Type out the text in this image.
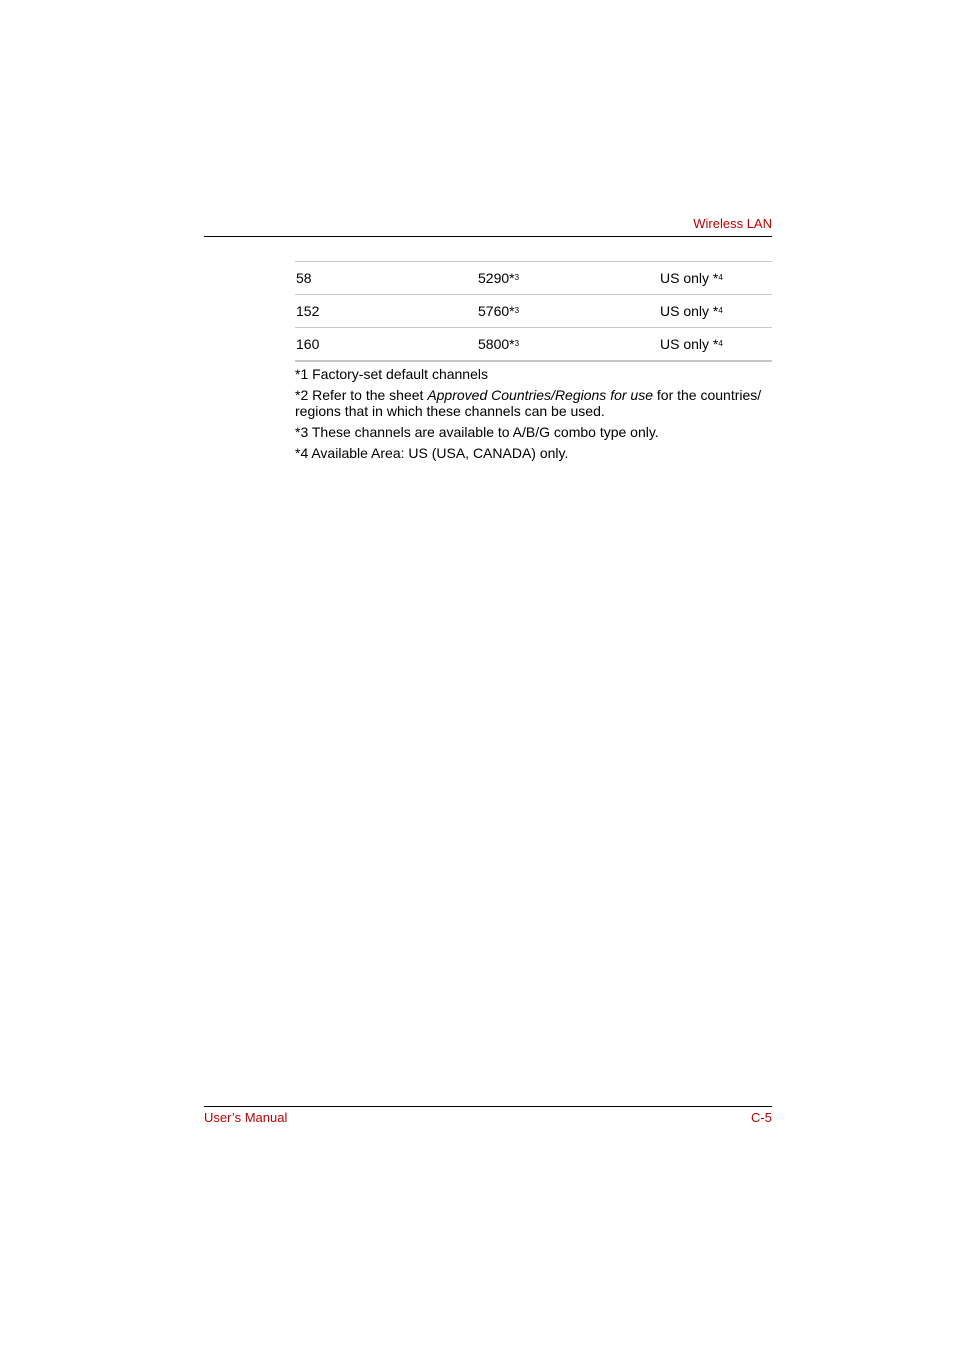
Wireless LAN
58	5290*$^3$	US only *$^4$
152	5760*$^3$	US only *$^4$
160	5800*$^3$	US only *$^4$

*1 Factory-set default channels

*2 Refer to the sheet Approved Countries/Regions for use for the countries/ regions that in which these channels can be used.

*3 These channels are available to A/B/G combo type only.

*4 Available Area: US (USA, CANADA) only.

User’s Manual	C-5
